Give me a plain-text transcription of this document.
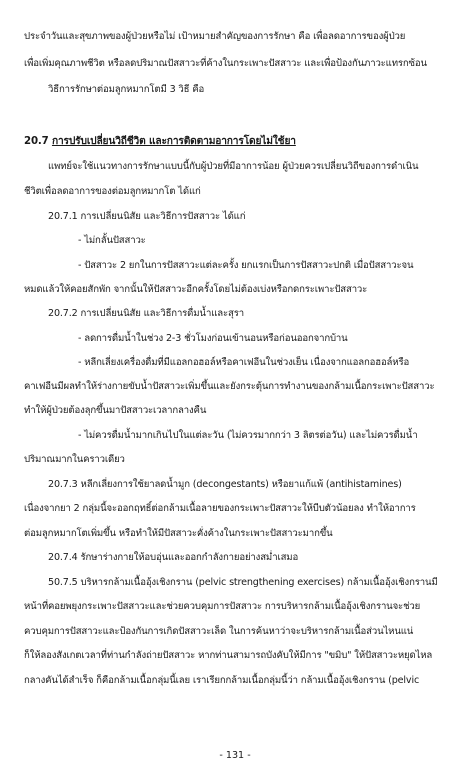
ประจำวันและสุขภาพของผู้ป่วยหรือไม่ เป้าหมายสำคัญของการรักษา คือ เพื่อลดอาการของผู้ป่วย
เพื่อเพิ่มคุณภาพชีวิต หรือลดปริมาณปัสสาวะที่ค้างในกระเพาะปัสสาวะ และเพื่อป้องกันภาวะแทรกซ้อน
วิธีการรักษาต่อมลูกหมากโตมี 3 วิธี คือ
20.7 การปรับเปลี่ยนวิถีชีวิต และการติดตามอาการโดยไม่ใช้ยา
แพทย์จะใช้แนวทางการรักษาแบบนี้กับผู้ป่วยที่มีอาการน้อย ผู้ป่วยควรเปลี่ยนวิถีของการดำเนิน
ชีวิตเพื่อลดอาการของต่อมลูกหมากโต ได้แก่
20.7.1 การเปลี่ยนนิสัย และวิธีการปัสสาวะ ได้แก่
- ไม่กลั้นปัสสาวะ
- ปัสสาวะ 2 ยกในการปัสสาวะแต่ละครั้ง ยกแรกเป็นการปัสสาวะปกติ เมื่อปัสสาวะจน
หมดแล้วให้คอยสักพัก จากนั้นให้ปัสสาวะอีกครั้งโดยไม่ต้องเบ่งหรือกดกระเพาะปัสสาวะ
20.7.2 การเปลี่ยนนิสัย และวิธีการดื่มน้ำและสุรา
- ลดการดื่มน้ำในช่วง 2-3 ชั่วโมงก่อนเข้านอนหรือก่อนออกจากบ้าน
- หลีกเลี่ยงเครื่องดื่มที่มีแอลกอฮอล์หรือคาเฟอีนในช่วงเย็น เนื่องจากแอลกอฮอล์หรือ
คาเฟอีนมีผลทำให้ร่างกายขับน้ำปัสสาวะเพิ่มขึ้นและยังกระตุ้นการทำงานของกล้ามเนื้อกระเพาะปัสสาวะ
ทำให้ผู้ป่วยต้องลุกขึ้นมาปัสสาวะเวลากลางคืน
- ไม่ควรดื่มน้ำมากเกินไปในแต่ละวัน (ไม่ควรมากกว่า 3 ลิตรต่อวัน) และไม่ควรดื่มน้ำ
ปริมาณมากในคราวเดียว
20.7.3 หลีกเลี่ยงการใช้ยาลดน้ำมูก (decongestants) หรือยาแก้แพ้ (antihistamines)
เนื่องจากยา 2 กลุ่มนี้จะออกฤทธิ์ต่อกล้ามเนื้อลายของกระเพาะปัสสาวะให้บีบตัวน้อยลง ทำให้อาการ
ต่อมลูกหมากโตเพิ่มขึ้น หรือทำให้มีปัสสาวะคั่งค้างในกระเพาะปัสสาวะมากขึ้น
20.7.4 รักษาร่างกายให้อบอุ่นและออกกำลังกายอย่างสม่ำเสมอ
50.7.5 บริหารกล้ามเนื้ออุ้งเชิงกราน (pelvic strengthening exercises) กล้ามเนื้ออุ้งเชิงกรานมี
หน้าที่คอยพยุงกระเพาะปัสสาวะและช่วยควบคุมการปัสสาวะ การบริหารกล้ามเนื้ออุ้งเชิงกรานจะช่วย
ควบคุมการปัสสาวะและป้องกันการเกิดปัสสาวะเล็ด ในการค้นหาว่าจะบริหารกล้ามเนื้อส่วนไหนแน่
ก็ให้ลองสังเกตเวลาที่ท่านกำลังถ่ายปัสสาวะ หากท่านสามารถบังคับให้มีการ "ขมิบ" ให้ปัสสาวะหยุดไหล
กลางคันได้สำเร็จ ก็คือกล้ามเนื้อกลุ่มนี้เลย เราเรียกกล้ามเนื้อกลุ่มนี้ว่า กล้ามเนื้ออุ้งเชิงกราน (pelvic
- 131 -
